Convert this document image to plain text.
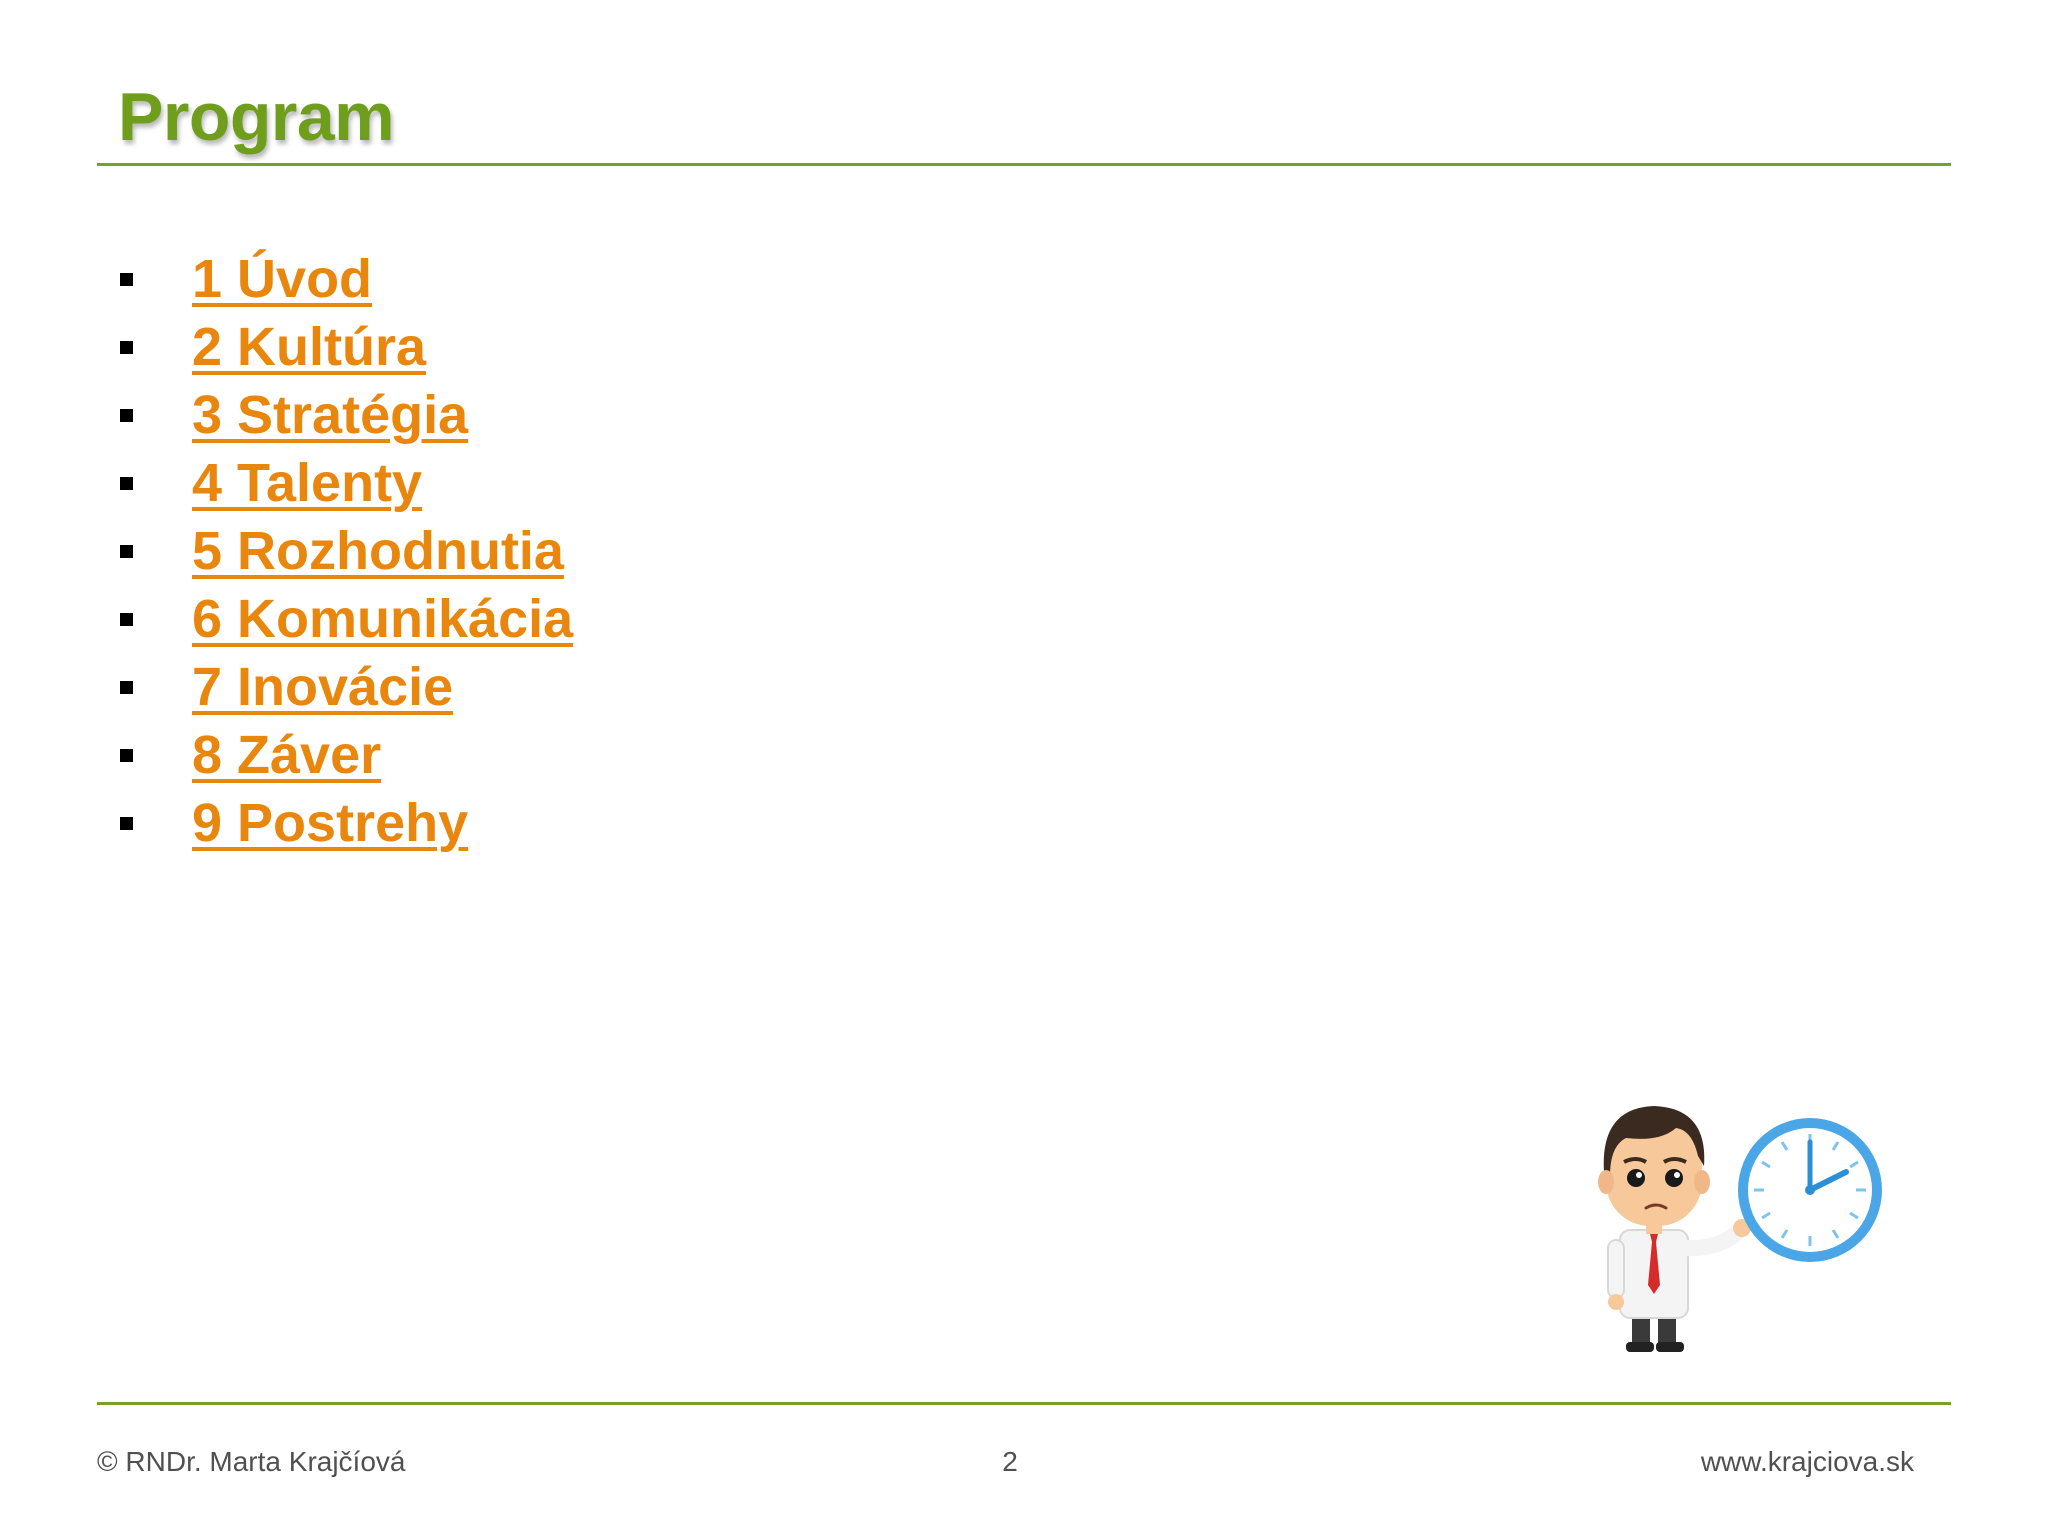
Program
1 Úvod
2 Kultúra
3 Stratégia
4 Talenty
5 Rozhodnutia
6 Komunikácia
7 Inovácie
8 Záver
9 Postrehy
© RNDr. Marta Krajčíová	2	www.krajciova.sk
